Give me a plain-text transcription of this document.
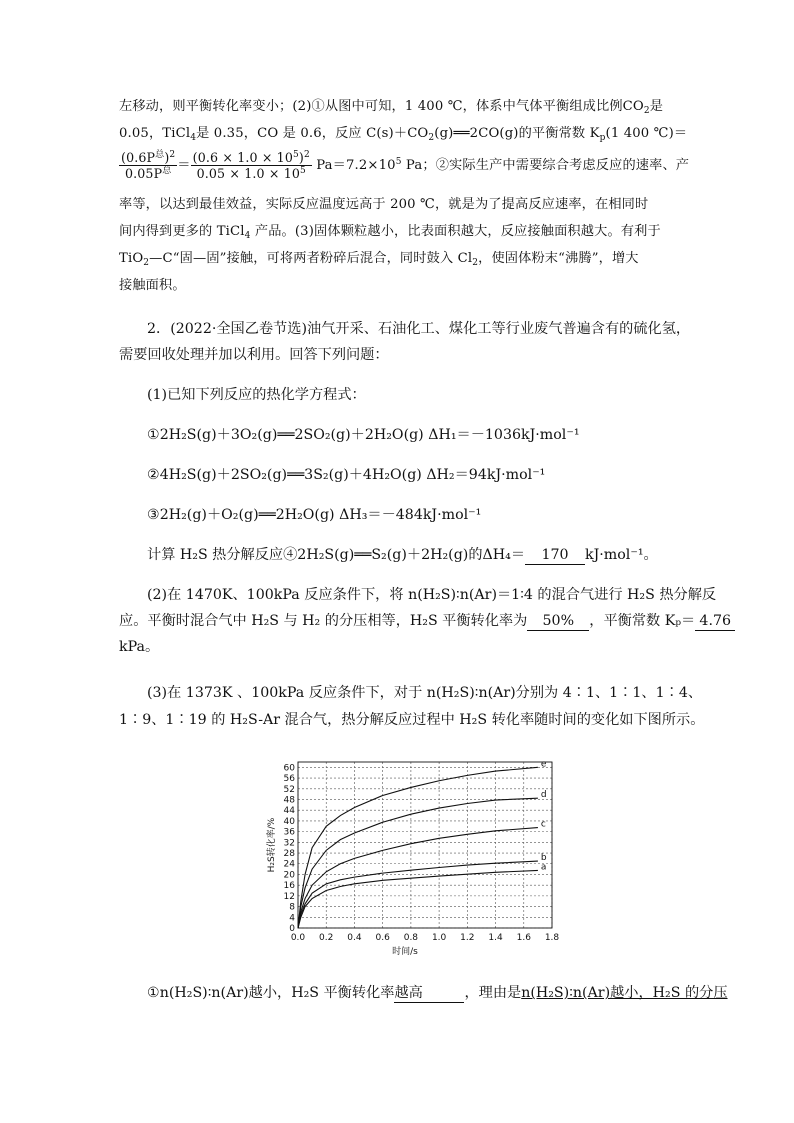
左移动，则平衡转化率变小；(2)①从图中可知，1 400 ℃，体系中气体平衡组成比例$CO_2$是
0.05，TiCl$_4$是 0.35，CO 是 0.6，反应 $C(s)+CO_2(g)══2CO(g)$的平衡常数 $K_p(1$ 400 ℃)＝
$\frac{(0.6P^总)^2}{0.05P^总} = \frac{(0.6 \times 1.0 \times 10^5)^2}{0.05 \times 1.0 \times 10^5} Pa=7.2\times 10^5$ Pa；②实际生产中需要综合考虑反应的速率、产
率等，以达到最佳效益，实际反应温度远高于 200 ℃，就是为了提高反应速率，在相同时
间内得到更多的 TiCl$_4$ 产品。(3)固体颗粒越小，比表面积越大，反应接触面积越大。有利于
TiO$_2$—C“固—固”接触，可将两者粉碎后混合，同时鼓入 $Cl_2$，使固体粉末“沸腾”，增大
接触面积。
2．(2022·全国乙卷节选)油气开采、石油化工、煤化工等行业废气普遍含有的硫化氢，
需要回收处理并加以利用。回答下列问题：
(1)已知下列反应的热化学方程式：
①2H₂S(g)＋3O₂(g)══2SO₂(g)＋2H₂O(g) ΔH₁＝－1036kJ·mol⁻¹
②4H₂S(g)＋2SO₂(g)══3S₂(g)＋4H₂O(g) ΔH₂＝94kJ·mol⁻¹
③2H₂(g)＋O₂(g)══2H₂O(g) ΔH₃＝－484kJ·mol⁻¹
计算 H₂S 热分解反应④2H₂S(g)══S₂(g)＋2H₂(g)的ΔH₄＝ 170 kJ·mol⁻¹。
(2)在 1470K、100kPa 反应条件下，将 n(H₂S)∶n(Ar)＝1∶4 的混合气进行 H₂S 热分解反
应。平衡时混合气中 H₂S 与 H₂ 的分压相等，H₂S 平衡转化率为 50% ，平衡常数 Kₚ＝ 4.76
kPa。
(3)在 1373K 、100kPa 反应条件下，对于 n(H₂S)∶n(Ar)分别为 4∶1、1∶1、1∶4、
1∶9、1∶19 的 H₂S-Ar 混合气，热分解反应过程中 H₂S 转化率随时间的变化如下图所示。
0.0 0.2 0.4 0.6 0.8 1.0 1.2 1.4 1.6 1.8
0
4
8
12
16
20
24
28
32
36
40
44
48
52
56
60
a
b
c
d
e
时间/s
H₂S转化率/%
①n(H₂S)∶n(Ar)越小，H₂S 平衡转化率越高	，理由是n(H₂S)∶n(Ar)越小，H₂S 的分压
